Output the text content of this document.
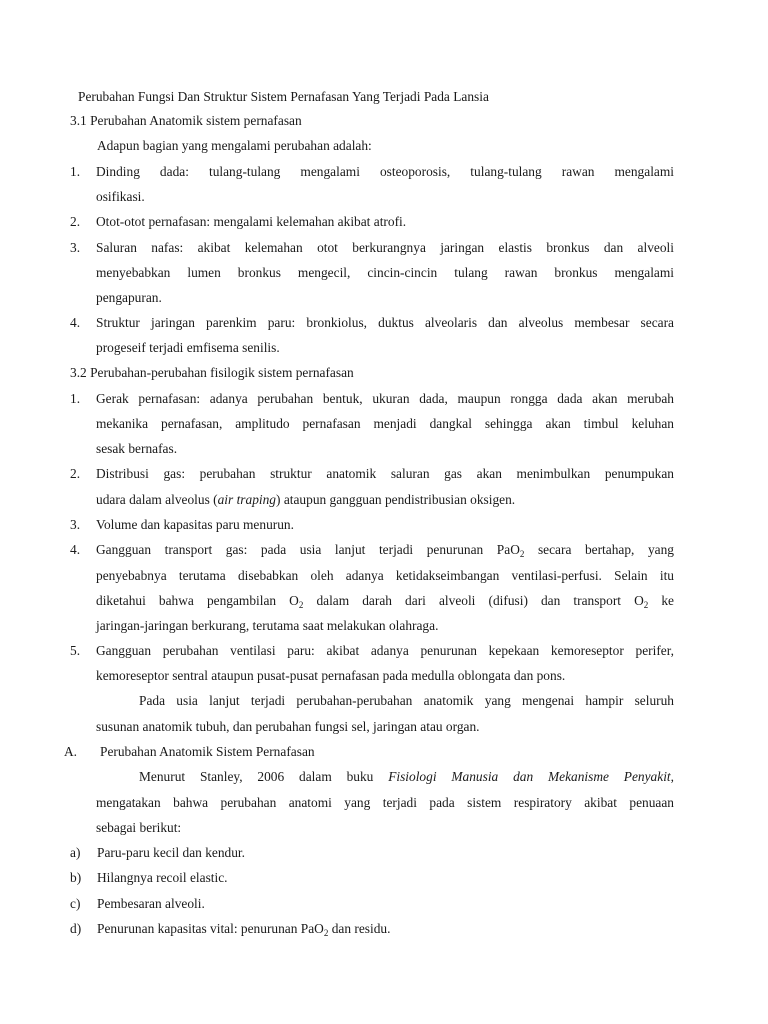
Perubahan Fungsi Dan Struktur Sistem Pernafasan Yang Terjadi Pada Lansia
3.1 Perubahan Anatomik sistem pernafasan
Adapun bagian yang mengalami perubahan adalah:
1. Dinding dada: tulang-tulang mengalami osteoporosis, tulang-tulang rawan mengalami
osifikasi.
2. Otot-otot pernafasan: mengalami kelemahan akibat atrofi.
3. Saluran nafas: akibat kelemahan otot berkurangnya jaringan elastis bronkus dan alveoli
menyebabkan lumen bronkus mengecil, cincin-cincin tulang rawan bronkus mengalami
pengapuran.
4. Struktur jaringan parenkim paru: bronkiolus, duktus alveolaris dan alveolus membesar secara
progeseif terjadi emfisema senilis.
3.2 Perubahan-perubahan fisilogik sistem pernafasan
1. Gerak pernafasan: adanya perubahan bentuk, ukuran dada, maupun rongga dada akan merubah
mekanika pernafasan, amplitudo pernafasan menjadi dangkal sehingga akan timbul keluhan
sesak bernafas.
2. Distribusi gas: perubahan struktur anatomik saluran gas akan menimbulkan penumpukan
udara dalam alveolus (air traping) ataupun gangguan pendistribusian oksigen.
3. Volume dan kapasitas paru menurun.
4. Gangguan transport gas: pada usia lanjut terjadi penurunan PaO$_2$ secara bertahap, yang
penyebabnya terutama disebabkan oleh adanya ketidakseimbangan ventilasi-perfusi. Selain itu
diketahui bahwa pengambilan $O_2$ dalam darah dari alveoli (difusi) dan transport $O_2$ ke
jaringan-jaringan berkurang, terutama saat melakukan olahraga.
5. Gangguan perubahan ventilasi paru: akibat adanya penurunan kepekaan kemoreseptor perifer,
kemoreseptor sentral ataupun pusat-pusat pernafasan pada medulla oblongata dan pons.
Pada usia lanjut terjadi perubahan-perubahan anatomik yang mengenai hampir seluruh
susunan anatomik tubuh, dan perubahan fungsi sel, jaringan atau organ.
A. Perubahan Anatomik Sistem Pernafasan
Menurut Stanley, 2006 dalam buku Fisiologi Manusia dan Mekanisme Penyakit,
mengatakan bahwa perubahan anatomi yang terjadi pada sistem respiratory akibat penuaan
sebagai berikut:
a) Paru-paru kecil dan kendur.
b) Hilangnya recoil elastic.
c) Pembesaran alveoli.
d) Penurunan kapasitas vital: penurunan PaO$_2$ dan residu.
